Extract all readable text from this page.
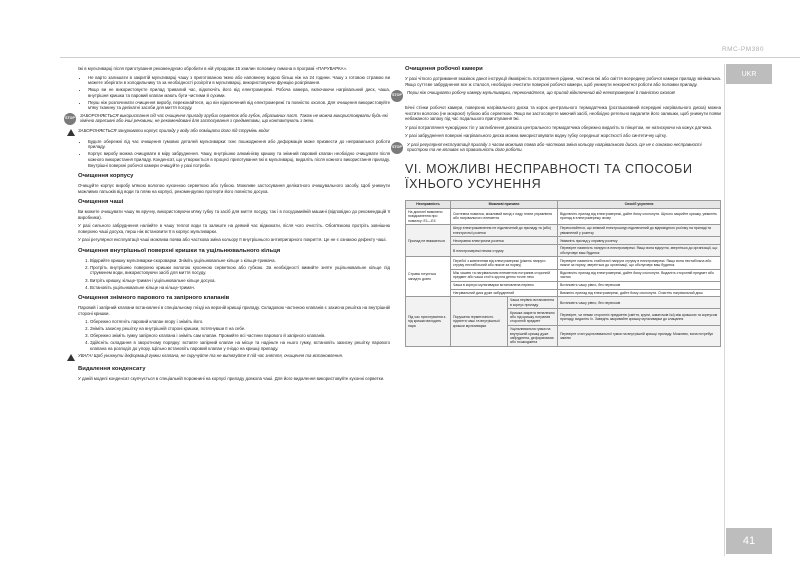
RMC-PM380
UKR
41

їжі в мультиварці після приготування рекомендуємо обробити в ній упродовж 15 хвилин половину лимона в програмі «ПАРУВАРКА».

• Не варто залишати в закритій мультиварці чашу з приготованою їжею або наповнену водою більш ніж на 24 години. Чашу з готовою стравою ви можете зберігати в холодильнику та за необхідності розігріти в мультиварці, використовуючи функцію розігрівання.
• Якщо ви не використовуєте прилад тривалий час, відключіть його від електромережі. Робоча камера, включаючи нагрівальний диск, чаша, внутрішня кришка та паровий клапан мають бути чистими й сухими.
• Перш ніж розпочинати очищення виробу, переконайтеся, що він відключений від електромережі та повністю охолов. Для очищення використовуйте м'яку тканину та делікатні засоби для миття посуду.
STOP
ЗАБОРОНЯЄТЬСЯ використання під час очищення приладу грубих серветок або губок, абразивних паст. Також не можна використовувати будь-які хімічно агресивні або інші речовини, не рекомендовані для застосування з предметами, що контактують з їжею.
ЗАБОРОНЯЄТЬСЯ занурювати корпус приладу у воду або поміщати його під струмінь води!
• Будьте обережні під час очищення гумових деталей мультиварки: їхнє пошкодження або деформація може призвести до неправильної роботи приладу.
• Корпус виробу можна очищувати в міру забруднення. Чашу, внутрішню алюмінієву кришку та знімний паровий клапан необхідно очищувати після кожного використання приладу. Конденсат, що утворюється в процесі приготування їжі в мультиварці, видаліть після кожного використання приладу. Внутрішні поверхні робочої камери очищуйте у разі потреби.
Очищення корпусу

Очищуйте корпус виробу м'якою вологою кухонною серветкою або губкою. Можливе застосування делікатного очищувального засобу. Щоб уникнути можливих патьоків від води та плям на корпусі, рекомендуємо протерти його повністю досуха.

Очищення чаші

Ви можете очищувати чашу як вручну, використовуючи м'яку губку та засіб для миття посуду, так і в посудомийній машині (відповідно до рекомендацій її виробника).

У разі сильного забруднення наліийте в чашу теплої води та залиште на деякий час відмокати, після чого очистіть. Обов'язково протріть зовнішню поверхню чаші досуха, перш ніж встановити її в корпус мультиварки.

У разі регулярної експлуатації чаші можлива поява або часткова зміна кольору її внутрішнього антипригарного покриття. Це не є ознакою дефекту чаші.

Очищення внутрішньої поверхні кришки та ущільнювального кільця
1. Відкрийте кришку мультиварки-скороварки. Зніміть ущільнювальне кільце з кільця-тримача.
2. Протріть внутрішню поверхню кришки вологою кухонною серветкою або губкою. За необхідності вимийте знятe ущільнювальне кільце під струменем води, використовуючи засіб для миття посуду.
3. Витріть кришку, кільце-тримач і ущільнювальне кільце досуха.
4. Встановіть ущільнювальне кільце на кільце-тримач.
Очищення знімного парового та запірного клапанів

Паровий і запірний клапани встановлені в спеціальному гнізді на верхній кришці приладу. Складовою частиною клапанів є захисна решітка на внутрішній стороні кришки.

1. Обережно потягніть паровий клапан вгору і зніміть його.
2. Зніміть захисну решітку на внутрішній стороні кришки, потягнувши її на себе.
3. Обережно зніміть гумку запірного клапана і зніміть сам клапан. Промийте всі частини парового й запірного клапанів.
4. Здійсніть складання в зворотному порядку: вставте запірний клапан на місце та надіньте на нього гумку, встановіть захисну решітку парового клапана на розподіл до упору. Щільно встановіть паровий клапан у гніздо на кришці приладу.
УВАГА! Щоб уникнути деформації гумки клапана, не скручуйте та не витягуйте її під час зняття, очищення та встановлення.
Видалення конденсату

У даній моделі конденсат скупчується в спеціальній порожнині на корпусі приладу довкола чаші. Для його видалення використовуйте кухонні серветки.

Очищення робочої камери

У разі чіткого дотримання вказівок даної інструкції ймовірність потрапляння рідини, частинок їжі або сміття всередину робочої камери приладу мінімальна. Якщо суттєве забруднення все ж сталося, необхідно очистити поверхні робочої камери, щоб уникнути некоректної роботи або поломки приладу.

STOP
Перш ніж очищувати робочу камеру мультиварки, переконайтеся, що прилад відключений від електромережі й повністю охолов!

Бічні стінки робочої камери, поверхню нагрівального диска та корок центрального термодатчика (розташований всередині нагрівального диска) можна чистити вологою (не мокрою!) губкою або серветкою. Якщо ви застосовуєте миючий засіб, необхідно ретельно видалити його залишки, щоб уникнути появи небажаного запаху під час подальшого приготування їжі.

У разі потрапляння чужорідних тіл у заглиблення довкола центрального термодатчика обережно видаліть їх пінцетом, не натискуючи на кожух датчика.

У разі забруднення поверхні нагрівального диска можна використовувати водну губку середньої жорсткості або синтетичну щітку.

STOP
У разі регулярної експлуатації приладу з часом можлива поява або часткова зміна кольору нагрівального диска. Це не є ознакою несправності пристрою та не впливає на правильність його роботи.
VI. МОЖЛИВІ НЕСПРАВНОСТІ ТА СПОСОБИ ЇХНЬОГО УСУНЕННЯ
Несправність	Можливі причини		Спосіб усунення
На дисплеї вимкнено повідомлення про помилку: E1—E4	Системна помилка, можливий вихід з ладу плати управління або нагрівального елемента		Відключіть прилад від електромережі, дайте йому охолонути. Щільно закрийте кришку, увімкніть прилад в електромережу знову
Прилад не вмикається	Шнур електроживлення не підключений до приладу та (або) електричної розетки		Переконайтеся, що знімний електрошнур підключений до відповідного роз'єму на приладі та увімкнений у розетку
	Несправна електрична розетка		Увімкніть прилад у справну розетку
	В електромережі немає струму		Перевірте наявність напруги в електромережі. Якщо вона відсутня, зверніться до організації, що обслуговує ваш будинок
Страва готується занадто довго	Перебої з живленням від електромережі (ріжень напруги струму нестабільний або нижче за норму)		Перевірте наявність стабільної напруги струму в електромережі. Якщо вона нестабільна або нижче за норму, зверніться до організації, що обслуговує ваш будинок
	Між чашею та нагрівальним елементом потрапив сторонній предмет або чаша стоїть кругла денно точне несс		Відключіть прилад від електромережі, дайте йому охолонути. Видаліть сторонній предмет або частки
	Чаша в корпусі мультиварки встановлена нерівно		Встановіть чашу рівно, без перекосів
	Нагрівальний диск дуже забруднений		Вимкніть прилад від електромережі, дайте йому охолонути. Очистіть нагрівальний диск
Під час приготування з-під кришки виходить пара	Порушена герметичність підняття чаші та внутрішньої кришки мультиварки	Чаша нерівно встановлена в корпус приладу	Встановіть чашу рівно, без перекосів
		Кришка закрита неналежно або під кришку потрапив сторонній предмет	Перевірте, чи немає сторонніх предметів (сміття, крупи, шматочків їжі) між кришкою та корпусом приладу, видаліть їх. Заведіть закривайте кришку мультиварки до клацання
		Ущільнювальна гумка на внутрішній кришці дуже забруднена, деформована або пошкоджена	Перевірте стан ущільнювальної гумки на внутрішній кришці приладу. Можливо, вона потребує заміни
